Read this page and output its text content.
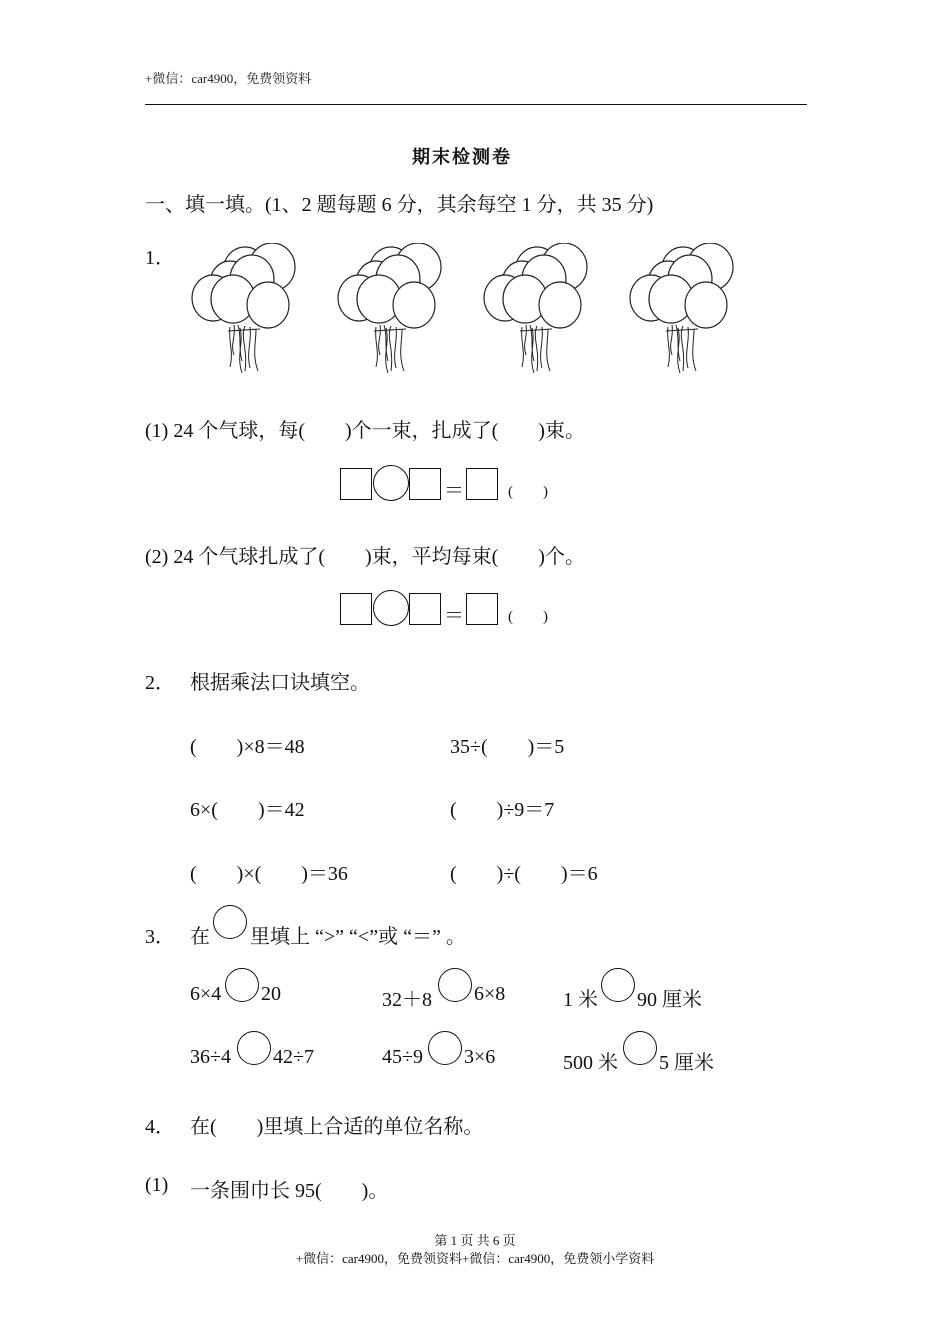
+微信：car4900，免费领资料
期末检测卷
一、填一填。(1、2 题每题 6 分，其余每空 1 分，共 35 分)
1．
(1) 24 个气球，每(　　)个一束，扎成了(　　)束。
＝	(　　)
(2) 24 个气球扎成了(　　)束，平均每束(　　)个。
＝	(　　)
2． 根据乘法口诀填空。
(　　)×8＝48	35÷(　　)＝5
6×(　　)＝42	(　　)÷9＝7
(　　)×(　　)＝36	(　　)÷(　　)＝6
3． 在 里填上 “>” “<”或 “＝” 。
6×4 20	32＋8 6×8	1 米 90 厘米
36÷4 42÷7	45÷9 3×6	500 米 5 厘米
4． 在(　　)里填上合适的单位名称。
(1) 一条围巾长 95(　　)。
第 1 页 共 6 页
+微信：car4900，免费领资料+微信：car4900，免费领小学资料
